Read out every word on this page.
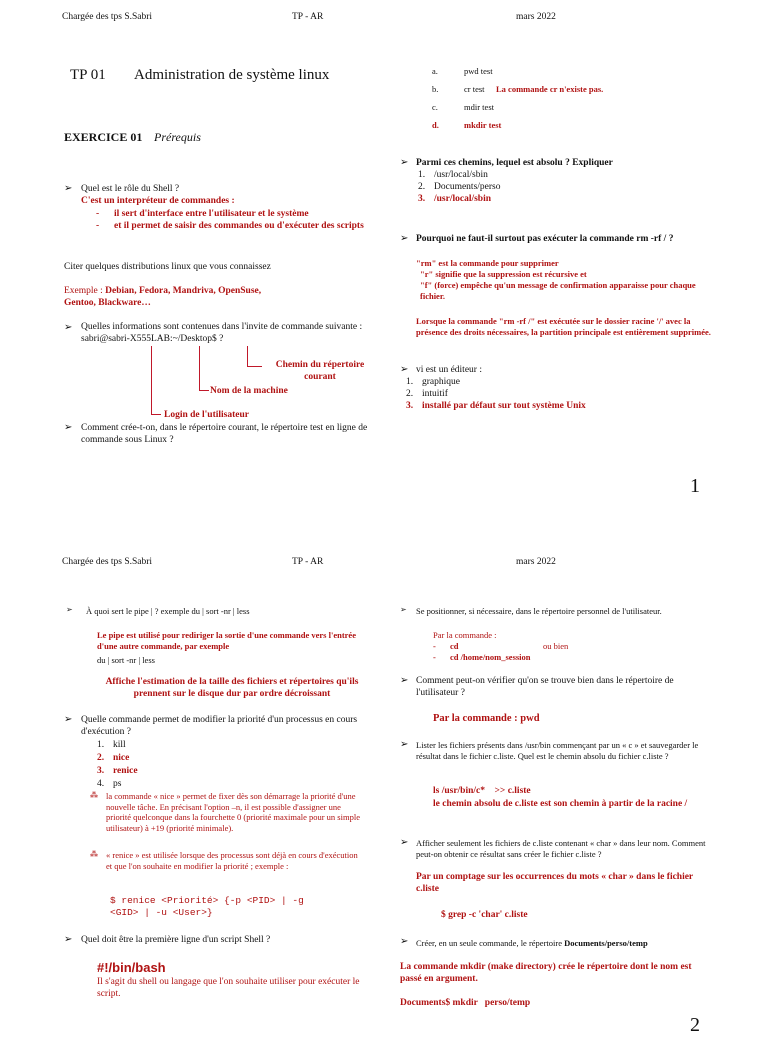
Chargée des tps S.Sabri	TP - AR	mars 2022
TP 01 Administration de système linux
EXERCICE 01 Prérequis
➢ Quel est le rôle du Shell ?
C'est un interpréteur de commandes :
- il sert d'interface entre l'utilisateur et le système
- et il permet de saisir des commandes ou d'exécuter des scripts
Citer quelques distributions linux que vous connaissez
Exemple : Debian, Fedora, Mandriva, OpenSuse, Gentoo, Blackware…
➢ Quelles informations sont contenues dans l'invite de commande suivante : sabri@sabri-X555LAB:~/Desktop$ ?
Chemin du répertoire courant
Nom de la machine
Login de l'utilisateur
➢ Comment crée-t-on, dans le répertoire courant, le répertoire test en ligne de commande sous Linux ?
a.	pwd test
b.	cr test La commande cr n'existe pas.
c.	mdir test
d.	mkdir test
➢ Parmi ces chemins, lequel est absolu ? Expliquer
1. /usr/local/sbin
2. Documents/perso
3. /usr/local/sbin
➢ Pourquoi ne faut-il surtout pas exécuter la commande rm -rf / ?
"rm" est la commande pour supprimer
"r" signifie que la suppression est récursive et
"f" (force) empêche qu'un message de confirmation apparaisse pour chaque fichier.
Lorsque la commande "rm -rf /" est exécutée sur le dossier racine '/' avec la présence des droits nécessaires, la partition principale est entièrement supprimée.
➢ vi est un éditeur :
1. graphique
2. intuitif
3. installé par défaut sur tout système Unix
1
Chargée des tps S.Sabri	TP - AR	mars 2022
➢ À quoi sert le pipe | ? exemple du | sort -nr | less
Le pipe est utilisé pour rediriger la sortie d'une commande vers l'entrée d'une autre commande, par exemple
du | sort -nr | less
Affiche l'estimation de la taille des fichiers et répertoires qu'ils prennent sur le disque dur par ordre décroissant
➢ Quelle commande permet de modifier la priorité d'un processus en cours d'exécution ?
1. kill
2. nice
3. renice
4. ps
⁂ la commande « nice » permet de fixer dès son démarrage la priorité d'une nouvelle tâche. En précisant l'option –n, il est possible d'assigner une priorité quelconque dans la fourchette 0 (priorité maximale pour un simple utilisateur) à +19 (priorité minimale).
⁂ « renice » est utilisée lorsque des processus sont déjà en cours d'exécution et que l'on souhaite en modifier la priorité ; exemple :
$ renice <Priorité> {-p <PID> | -g
<GID> | -u <User>}
➢ Quel doit être la première ligne d'un script Shell ?
#!/bin/bash
Il s'agit du shell ou langage que l'on souhaite utiliser pour exécuter le script.
➢ Se positionner, si nécessaire, dans le répertoire personnel de l'utilisateur.
Par la commande :
- cd	ou bien
- cd /home/nom_session
➢ Comment peut-on vérifier qu'on se trouve bien dans le répertoire de l'utilisateur ?
Par la commande : pwd
➢ Lister les fichiers présents dans /usr/bin commençant par un « c » et sauvegarder le résultat dans le fichier c.liste. Quel est le chemin absolu du fichier c.liste ?
ls /usr/bin/c*    >> c.liste
le chemin absolu de c.liste est son chemin à partir de la racine /
➢ Afficher seulement les fichiers de c.liste contenant « char » dans leur nom. Comment peut-on obtenir ce résultat sans créer le fichier c.liste ?
Par un comptage sur les occurrences du mots « char » dans le fichier c.liste
$ grep -c 'char' c.liste
➢ Créer, en un seule commande, le répertoire Documents/perso/temp
La commande mkdir (make directory) crée le répertoire dont le nom est passé en argument.
Documents$ mkdir   perso/temp
2
